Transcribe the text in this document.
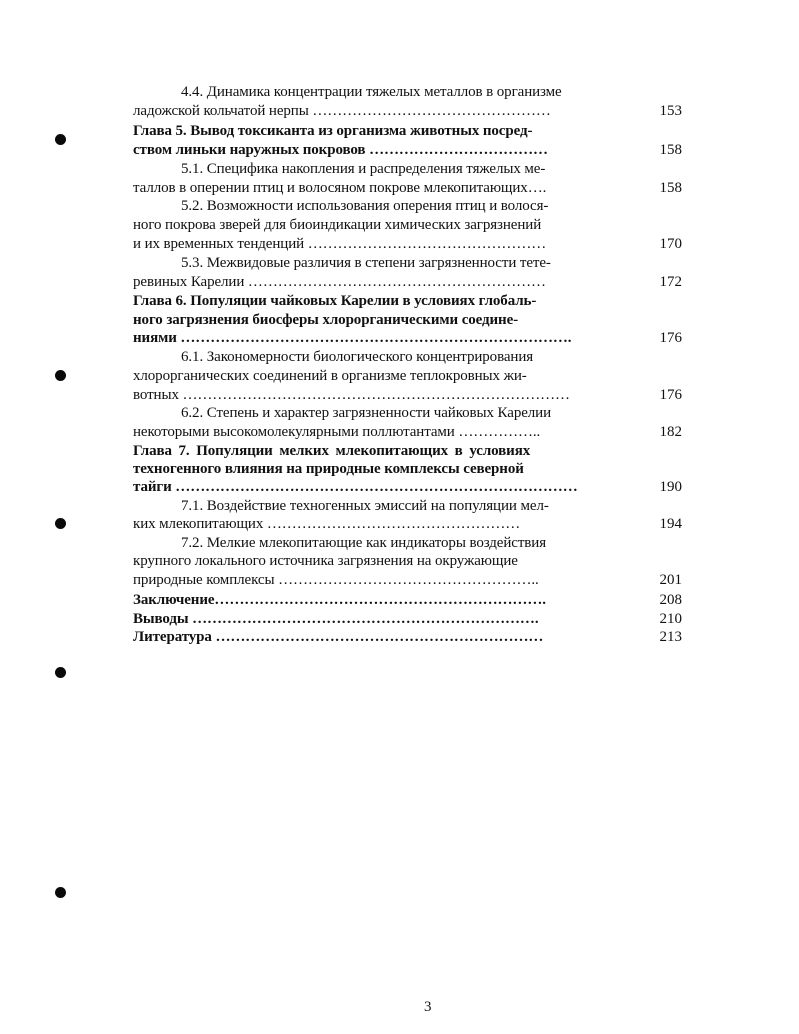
4.4. Динамика концентрации тяжелых металлов в организме
ладожской кольчатой нерпы …………………………………………
Глава 5. Вывод токсиканта из организма животных посред-
ством линьки наружных покровов ………………………………
5.1. Специфика накопления и распределения тяжелых ме-
таллов в оперении птиц и волосяном покрове млекопитающих….
5.2. Возможности использования оперения птиц и волося-
ного покрова зверей для биоиндикации химических загрязнений
и их временных тенденций …………………………………………
5.3. Межвидовые различия в степени загрязненности тете-
ревиных Карелии ……………………………………………………
Глава 6. Популяции чайковых Карелии в условиях глобаль-
ного загрязнения биосферы хлорорганическими соедине-
ниями …………………………………………………………………….
6.1. Закономерности биологического концентрирования
хлорорганических соединений в организме теплокровных жи-
вотных ……………………………………………………………………
6.2. Степень и характер загрязненности чайковых Карелии
некоторыми высокомолекулярными поллютантами ……………..
Глава 7. Популяции мелких млекопитающих в условиях
техногенного влияния на природные комплексы северной
тайги ………………………………………………………………………
7.1. Воздействие техногенных эмиссий на популяции мел-
ких млекопитающих ……………………………………………
7.2. Мелкие млекопитающие как индикаторы воздействия
крупного локального источника загрязнения на окружающие
природные комплексы ……………………………………………..
Заключение………………………………………………………….
Выводы …………………………………………………………….
Литература …………………………………………………………
153
158
158
170
172
176
176
182
190
194
201
208
210
213
3
